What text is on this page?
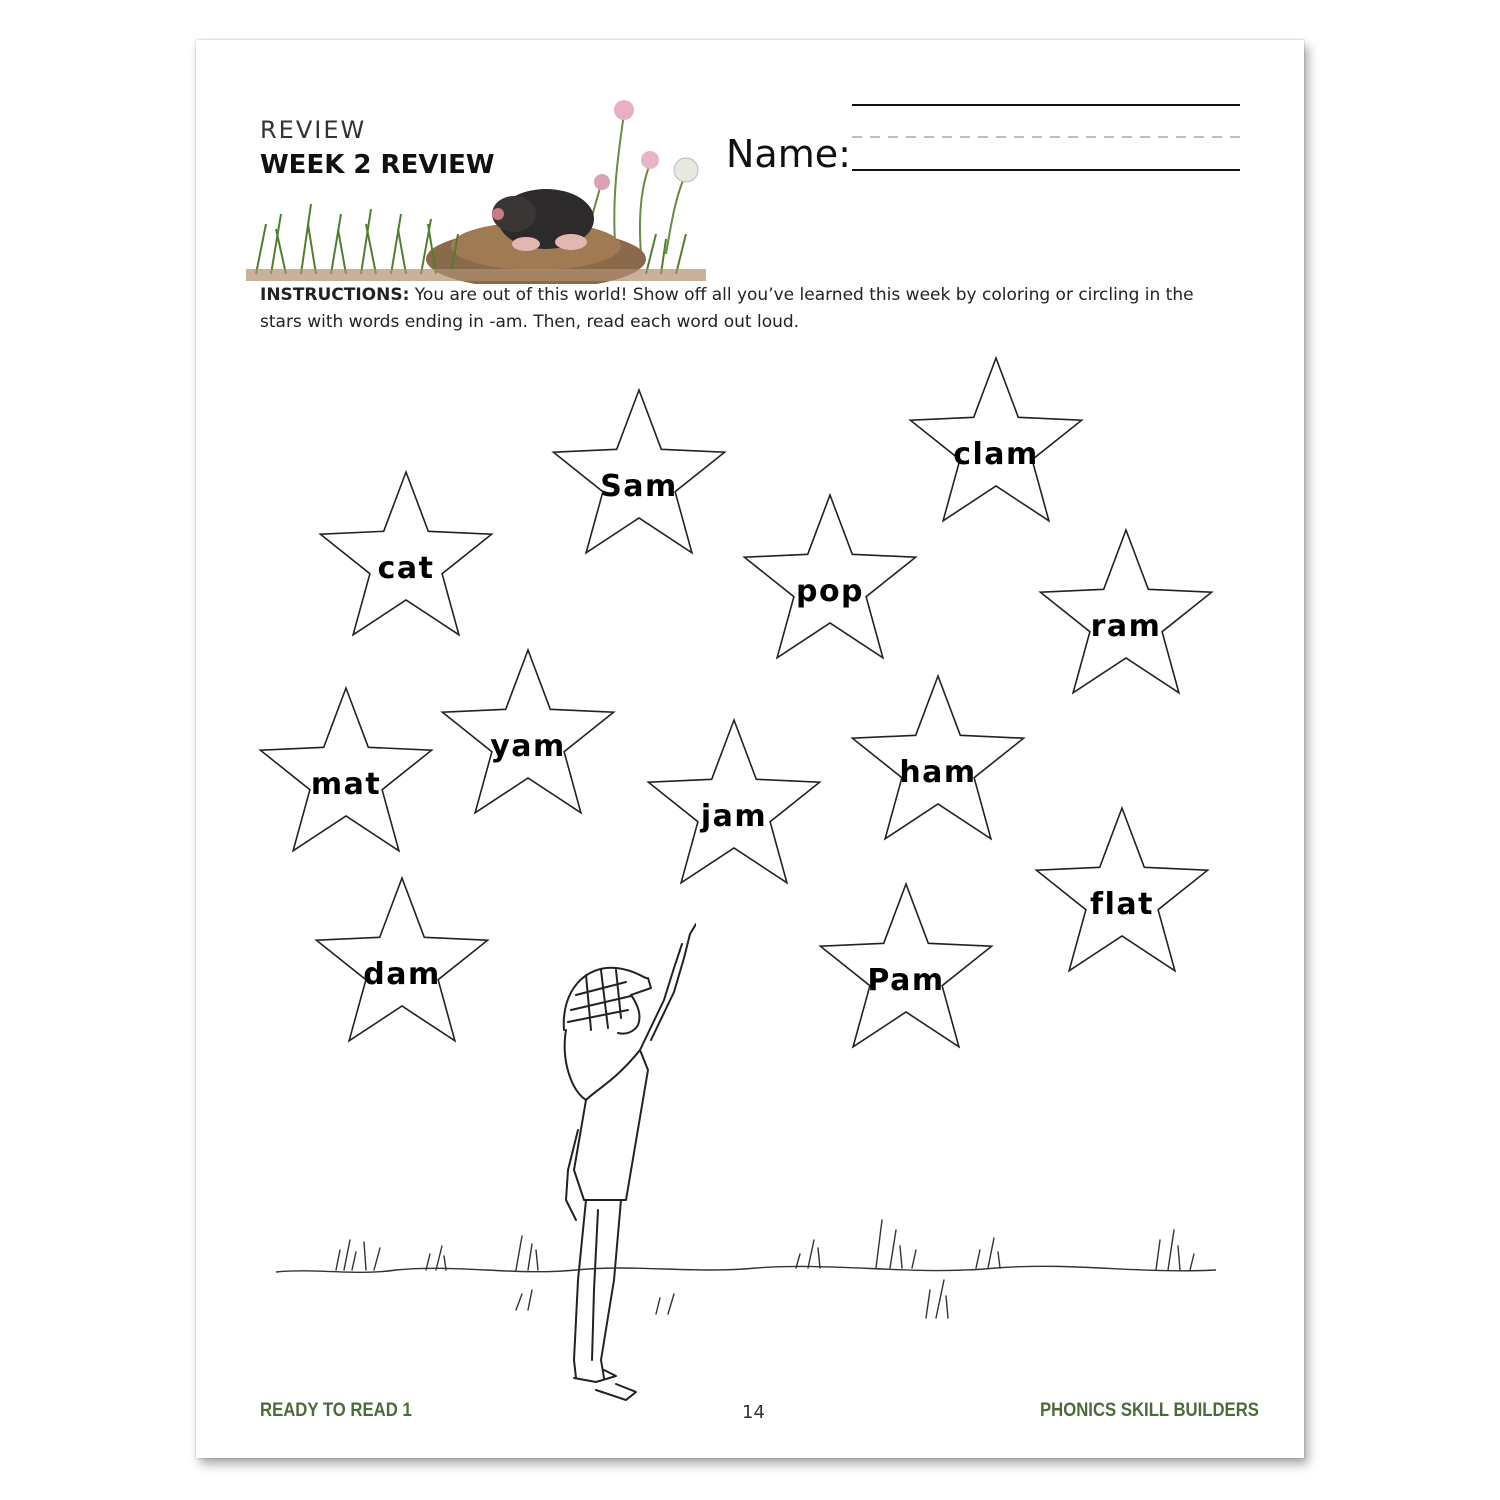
REVIEW
WEEK 2 REVIEW	Name:
INSTRUCTIONS: You are out of this world! Show off all you’ve learned this week by coloring or circling in the stars with words ending in -am. Then, read each word out loud.
Sam
clam
cat
pop
ram
yam
mat	ham
jam
flat
dam	Pam
READY TO READ 1	14	PHONICS SKILL BUILDERS
